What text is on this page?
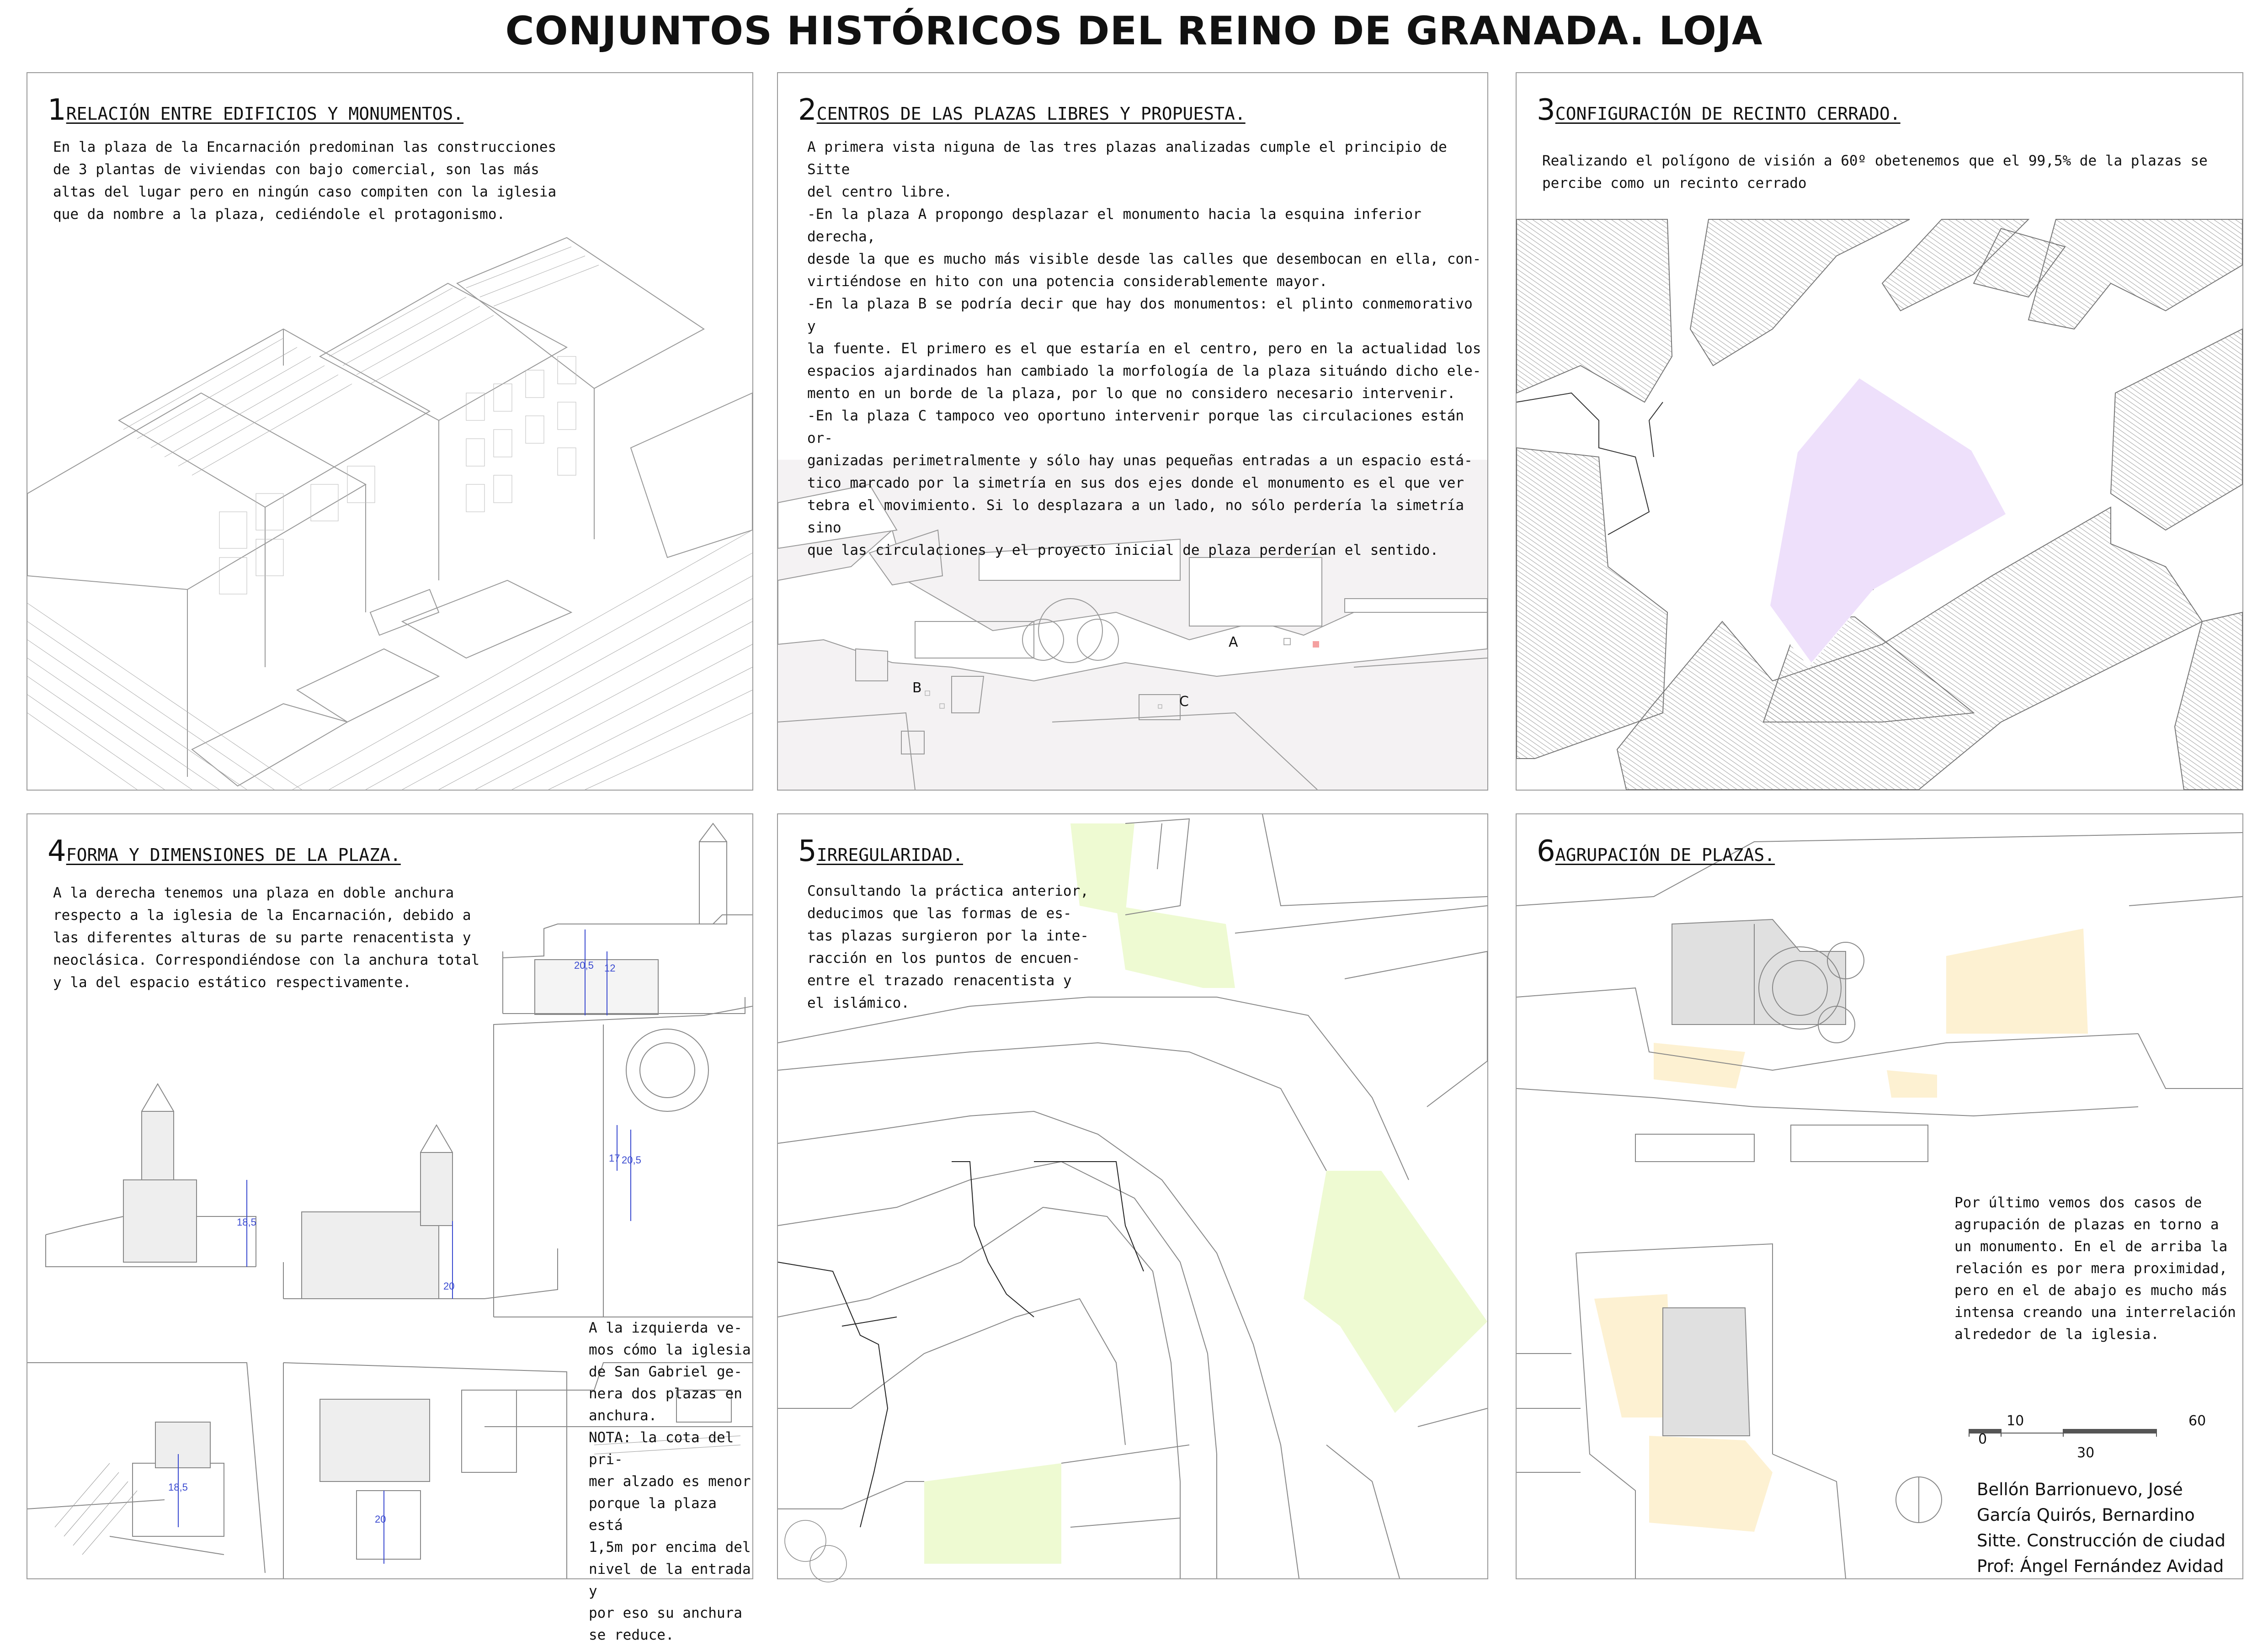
CONJUNTOS HISTÓRICOS DEL REINO DE GRANADA. LOJA
1RELACIÓN ENTRE EDIFICIOS Y MONUMENTOS.
En la plaza de la Encarnación predominan las construcciones
de 3 plantas de viviendas con bajo comercial, son las más
altas del lugar pero en ningún caso compiten con la iglesia
que da nombre a la plaza, cediéndole el protagonismo.
2CENTROS DE LAS PLAZAS LIBRES Y PROPUESTA.
A primera vista niguna de las tres plazas analizadas cumple el principio de Sitte
del centro libre.
-En la plaza A propongo desplazar el monumento hacia la esquina inferior derecha,
desde la que es mucho más visible desde las calles que desembocan en ella, con-
virtiéndose en hito con una potencia considerablemente mayor.
-En la plaza B se podría decir que hay dos monumentos: el plinto conmemorativo y
la fuente. El primero es el que estaría en el centro, pero en la actualidad los
espacios ajardinados han cambiado la morfología de la plaza situándo dicho ele-
mento en un borde de la plaza, por lo que no considero necesario intervenir.
-En la plaza C tampoco veo oportuno intervenir porque las circulaciones están or-
ganizadas perimetralmente y sólo hay unas pequeñas entradas a un espacio está-
tico marcado por la simetría en sus dos ejes donde el monumento es el que ver
tebra el movimiento. Si lo desplazara a un lado, no sólo perdería la simetría sino
que las circulaciones y el proyecto inicial de plaza perderían el sentido.
A
B
C
3CONFIGURACIÓN DE RECINTO CERRADO.
Realizando el polígono de visión a 60º obetenemos que el 99,5% de la plazas se
percibe como un recinto cerrado
4FORMA Y DIMENSIONES DE LA PLAZA.
A la derecha tenemos una plaza en doble anchura
respecto a la iglesia de la Encarnación, debido a
las diferentes alturas de su parte renacentista y
neoclásica. Correspondiéndose con la anchura total
y la del espacio estático respectivamente.
A la izquierda ve-
mos cómo la iglesia
de San Gabriel ge-
nera dos plazas en
anchura.
NOTA: la cota del pri-
mer alzado es menor
porque la plaza está
1,5m por encima del
nivel de la entrada y
por eso su anchura
se reduce.
20,5 12
17 20,5
18,5
20
18,5
20
5IRREGULARIDAD.
Consultando la práctica anterior,
deducimos que las formas de es-
tas plazas surgieron por la inte-
racción en los puntos de encuen-
entre el trazado renacentista y
el islámico.
6AGRUPACIÓN DE PLAZAS.
Por último vemos dos casos de
agrupación de plazas en torno a
un monumento. En el de arriba la
relación es por mera proximidad,
pero en el de abajo es mucho más
intensa creando una interrelación
alrededor de la iglesia.
0
10
30
60
Bellón Barrionuevo, José
García Quirós, Bernardino
Sitte. Construcción de ciudad
Prof: Ángel Fernández Avidad
